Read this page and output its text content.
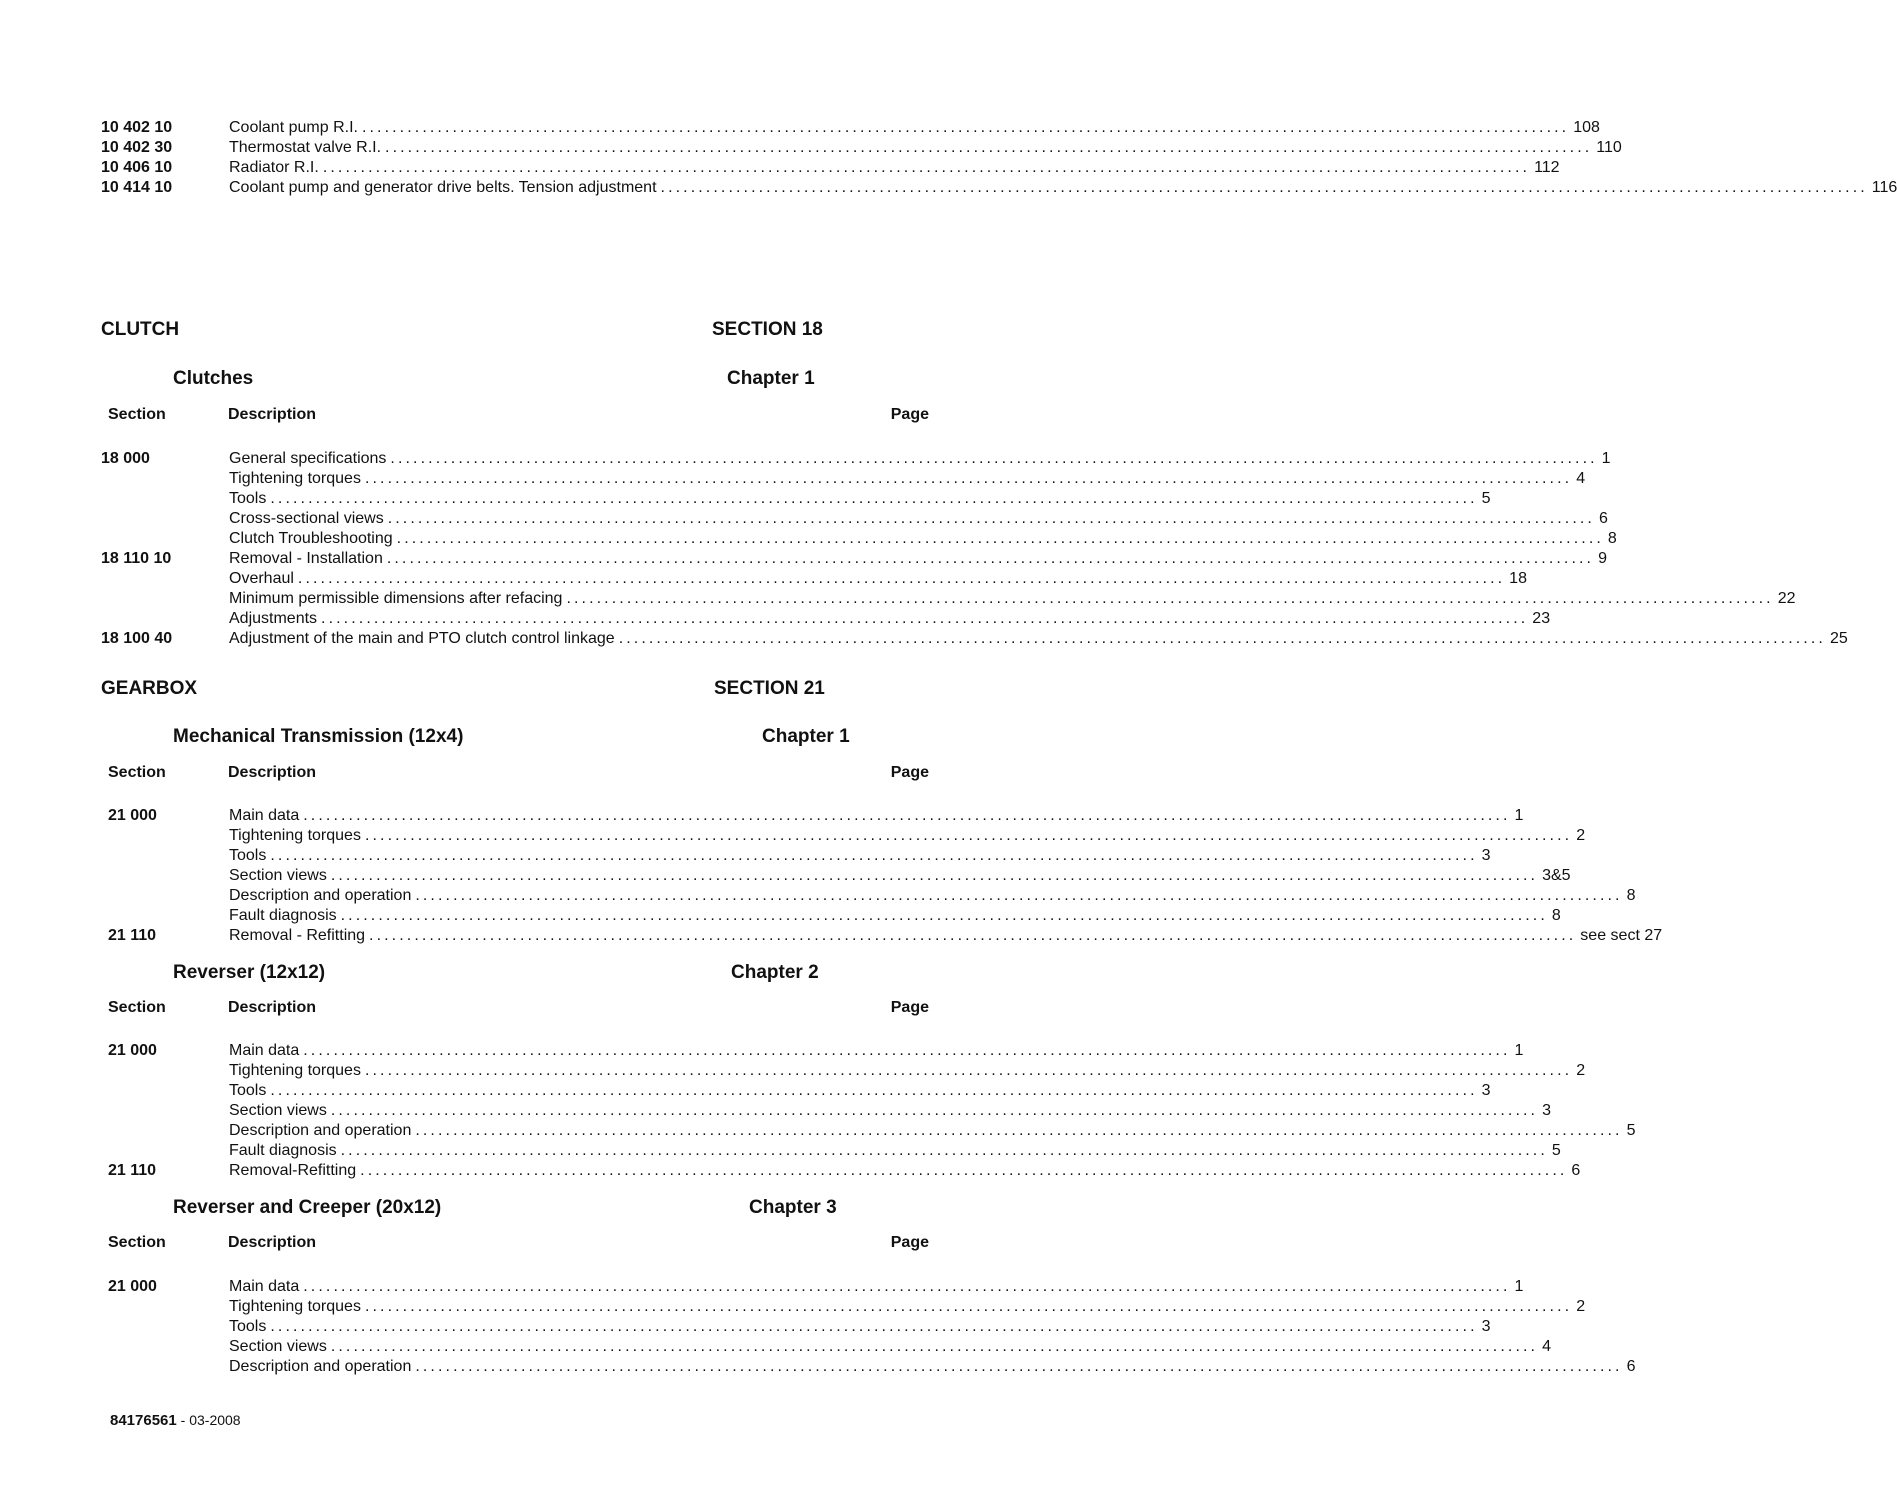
10 402 10	Coolant pump R.I. ................................................................................................................................................................ 108
10 402 30	Thermostat valve R.I. ................................................................................................................................................................ 110
10 406 10	Radiator R.I. ................................................................................................................................................................ 112
10 414 10	Coolant pump and generator drive belts. Tension adjustment ................................................................................................................................................................ 116
CLUTCH	SECTION 18
Clutches	Chapter 1
Section	Description	Page
18 000	General specifications ................................................................................................................................................................ 1
Tightening torques ................................................................................................................................................................ 4
Tools ................................................................................................................................................................ 5
Cross-sectional views ................................................................................................................................................................ 6
Clutch Troubleshooting ................................................................................................................................................................ 8
18 110 10	Removal - Installation ................................................................................................................................................................ 9
Overhaul ................................................................................................................................................................ 18
Minimum permissible dimensions after refacing ................................................................................................................................................................ 22
Adjustments ................................................................................................................................................................ 23
18 100 40	Adjustment of the main and PTO clutch control linkage ................................................................................................................................................................ 25
GEARBOX	SECTION 21
Mechanical Transmission (12x4)	Chapter 1
Section	Description	Page
21 000	Main data ................................................................................................................................................................ 1
Tightening torques ................................................................................................................................................................ 2
Tools ................................................................................................................................................................ 3
Section views ................................................................................................................................................................ 3&5
Description and operation ................................................................................................................................................................ 8
Fault diagnosis ................................................................................................................................................................ 8
21 110	Removal - Refitting ................................................................................................................................................................ see sect 27
Reverser (12x12)	Chapter 2
Section	Description	Page
21 000	Main data ................................................................................................................................................................ 1
Tightening torques ................................................................................................................................................................ 2
Tools ................................................................................................................................................................ 3
Section views ................................................................................................................................................................ 3
Description and operation ................................................................................................................................................................ 5
Fault diagnosis ................................................................................................................................................................ 5
21 110	Removal-Refitting ................................................................................................................................................................ 6
Reverser and Creeper (20x12)	Chapter 3
Section	Description	Page
21 000	Main data ................................................................................................................................................................ 1
Tightening torques ................................................................................................................................................................ 2
Tools ................................................................................................................................................................ 3
Section views ................................................................................................................................................................ 4
Description and operation ................................................................................................................................................................ 6
84176561 - 03-2008
